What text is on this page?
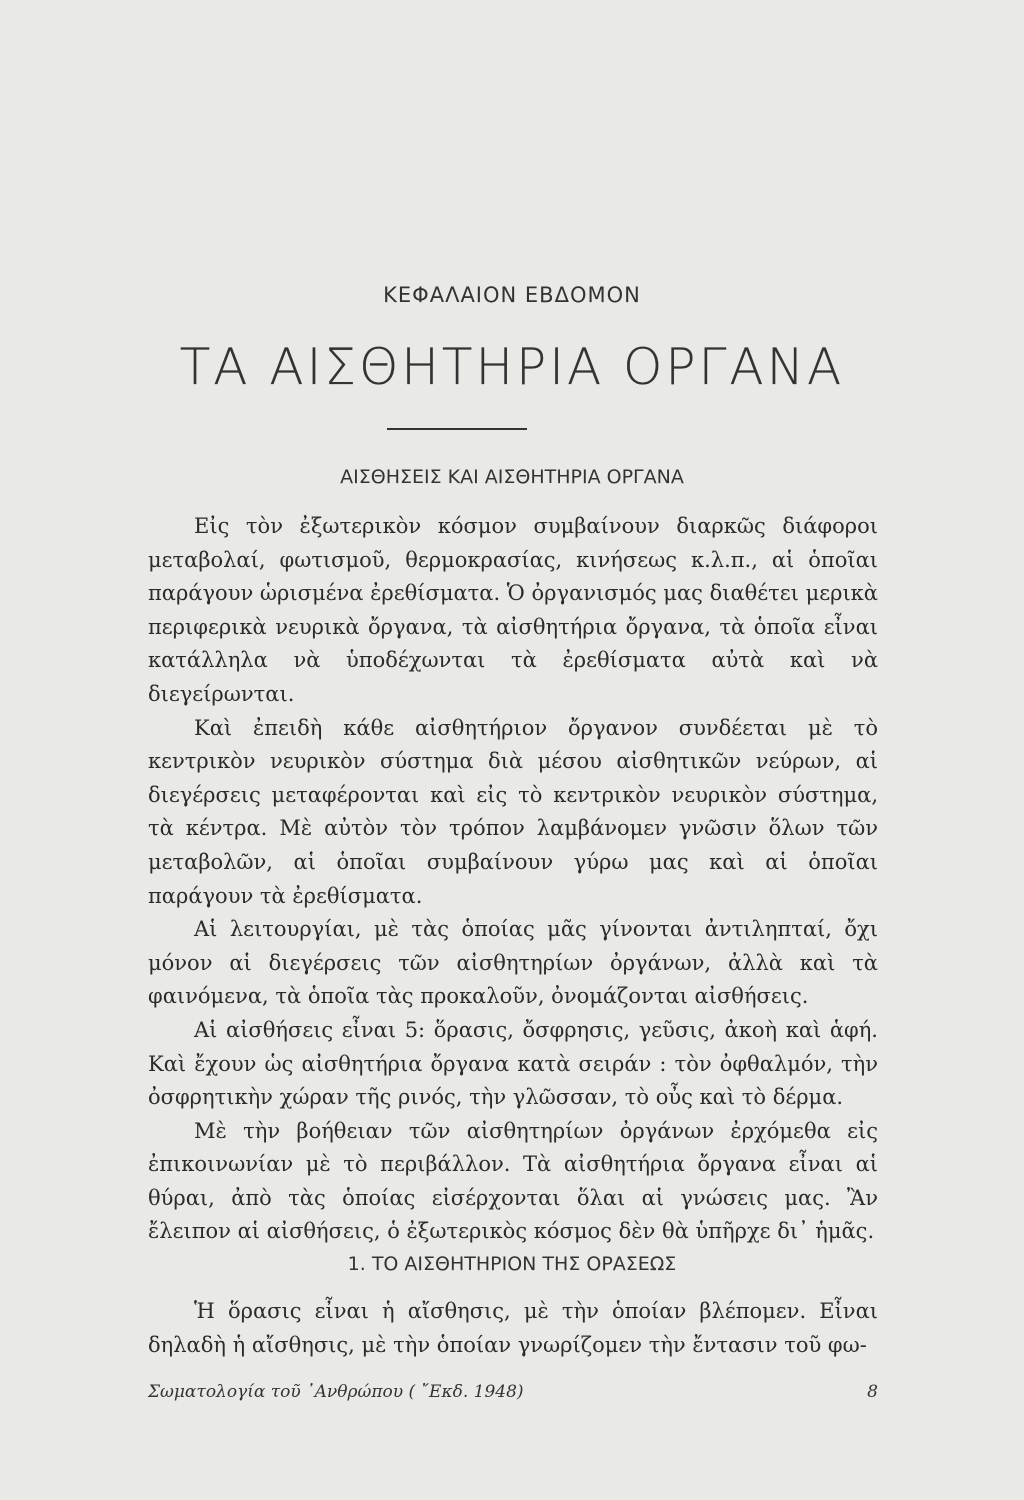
ΚΕΦΑΛΑΙΟΝ ΕΒΔΟΜΟΝ
ΤΑ ΑΙΣΘΗΤΗΡΙΑ ΟΡΓΑΝΑ
ΑΙΣΘΗΣΕΙΣ ΚΑΙ ΑΙΣΘΗΤΗΡΙΑ ΟΡΓΑΝΑ

Εἰς τὸν ἐξωτερικὸν κόσμον συμβαίνουν διαρκῶς διάφοροι μεταβολαί, φωτισμοῦ, θερμοκρασίας, κινήσεως κ.λ.π., αἱ ὁποῖαι παράγουν ὡρισμένα ἐρεθίσματα. Ὁ ὀργανισμός μας διαθέτει μερικὰ περιφερικὰ νευρικὰ ὄργανα, τὰ αἰσθητήρια ὄργανα, τὰ ὁποῖα εἶναι κατάλληλα νὰ ὑποδέχωνται τὰ ἐρεθίσματα αὐτὰ καὶ νὰ διεγείρωνται.

Καὶ ἐπειδὴ κάθε αἰσθητήριον ὄργανον συνδέεται μὲ τὸ κεντρικὸν νευρικὸν σύστημα διὰ μέσου αἰσθητικῶν νεύρων, αἱ διεγέρσεις μεταφέρονται καὶ εἰς τὸ κεντρικὸν νευρικὸν σύστημα, τὰ κέντρα. Μὲ αὐτὸν τὸν τρόπον λαμβάνομεν γνῶσιν ὅλων τῶν μεταβολῶν, αἱ ὁποῖαι συμβαίνουν γύρω μας καὶ αἱ ὁποῖαι παράγουν τὰ ἐρεθίσματα.

Αἱ λειτουργίαι, μὲ τὰς ὁποίας μᾶς γίνονται ἀντιληπταί, ὄχι μόνον αἱ διεγέρσεις τῶν αἰσθητηρίων ὀργάνων, ἀλλὰ καὶ τὰ φαινόμενα, τὰ ὁποῖα τὰς προκαλοῦν, ὀνομάζονται αἰσθήσεις.

Αἱ αἰσθήσεις εἶναι 5: ὅρασις, ὄσφρησις, γεῦσις, ἀκοὴ καὶ ἁφή. Καὶ ἔχουν ὡς αἰσθητήρια ὄργανα κατὰ σειράν : τὸν ὀφθαλμόν, τὴν ὀσφρητικὴν χώραν τῆς ρινός, τὴν γλῶσσαν, τὸ οὖς καὶ τὸ δέρμα.

Μὲ τὴν βοήθειαν τῶν αἰσθητηρίων ὀργάνων ἐρχόμεθα εἰς ἐπικοινωνίαν μὲ τὸ περιβάλλον. Τὰ αἰσθητήρια ὄργανα εἶναι αἱ θύραι, ἀπὸ τὰς ὁποίας εἰσέρχονται ὅλαι αἱ γνώσεις μας. Ἂν ἔλειπον αἱ αἰσθήσεις, ὁ ἐξωτερικὸς κόσμος δὲν θὰ ὑπῆρχε δι᾿ ἡμᾶς.

1. ΤΟ ΑΙΣΘΗΤΗΡΙΟΝ ΤΗΣ ΟΡΑΣΕΩΣ

Ἡ ὅρασις εἶναι ἡ αἴσθησις, μὲ τὴν ὁποίαν βλέπομεν. Εἶναι δηλαδὴ ἡ αἴσθησις, μὲ τὴν ὁποίαν γνωρίζομεν τὴν ἔντασιν τοῦ φω-

Σωματολογία τοῦ ᾿Ανθρώπου ( ῎Εκδ. 1948)	8
